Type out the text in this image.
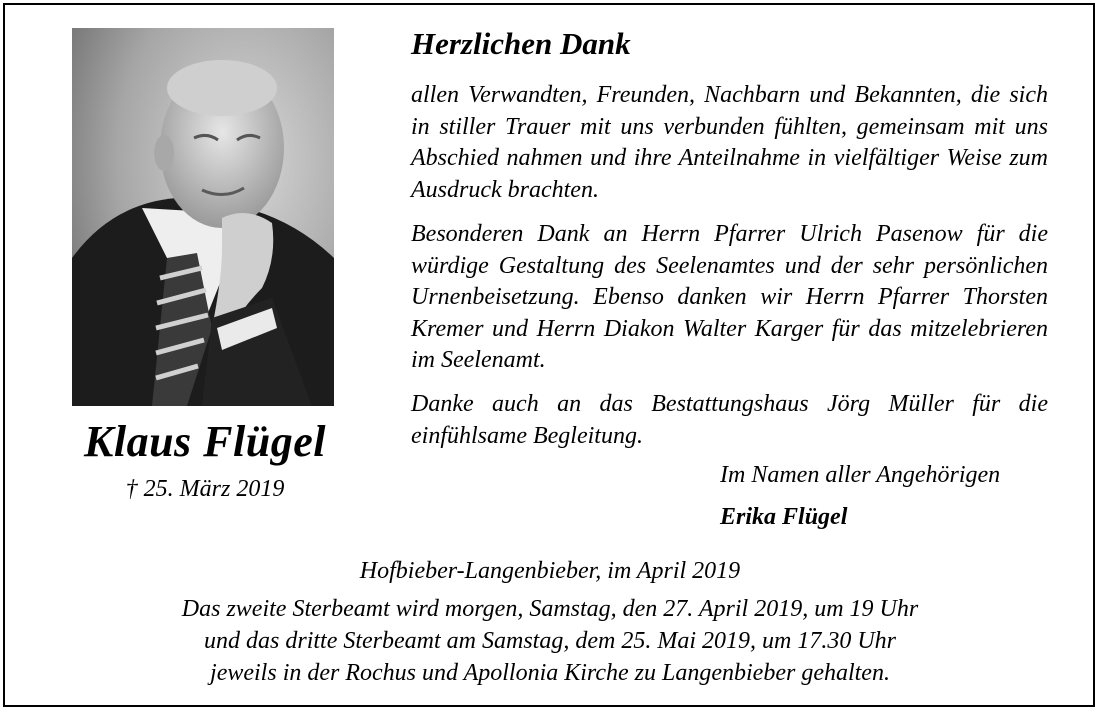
Klaus Flügel
† 25. März 2019
Herzlichen Dank

allen Verwandten, Freunden, Nachbarn und Bekannten, die sich in stiller Trauer mit uns verbunden fühlten, gemeinsam mit uns Abschied nahmen und ihre Anteilnahme in vielfältiger Weise zum Ausdruck brachten.

Besonderen Dank an Herrn Pfarrer Ulrich Pasenow für die würdige Gestaltung des Seelenamtes und der sehr persönlichen Urnenbeisetzung. Ebenso danken wir Herrn Pfarrer Thorsten Kremer und Herrn Diakon Walter Karger für das mitzelebrieren im Seelenamt.

Danke auch an das Bestattungshaus Jörg Müller für die einfühlsame Begleitung.

Im Namen aller Angehörigen
Erika Flügel
Hofbieber-Langenbieber, im April 2019
Das zweite Sterbeamt wird morgen, Samstag, den 27. April 2019, um 19 Uhr
und das dritte Sterbeamt am Samstag, dem 25. Mai 2019, um 17.30 Uhr
jeweils in der Rochus und Apollonia Kirche zu Langenbieber gehalten.
